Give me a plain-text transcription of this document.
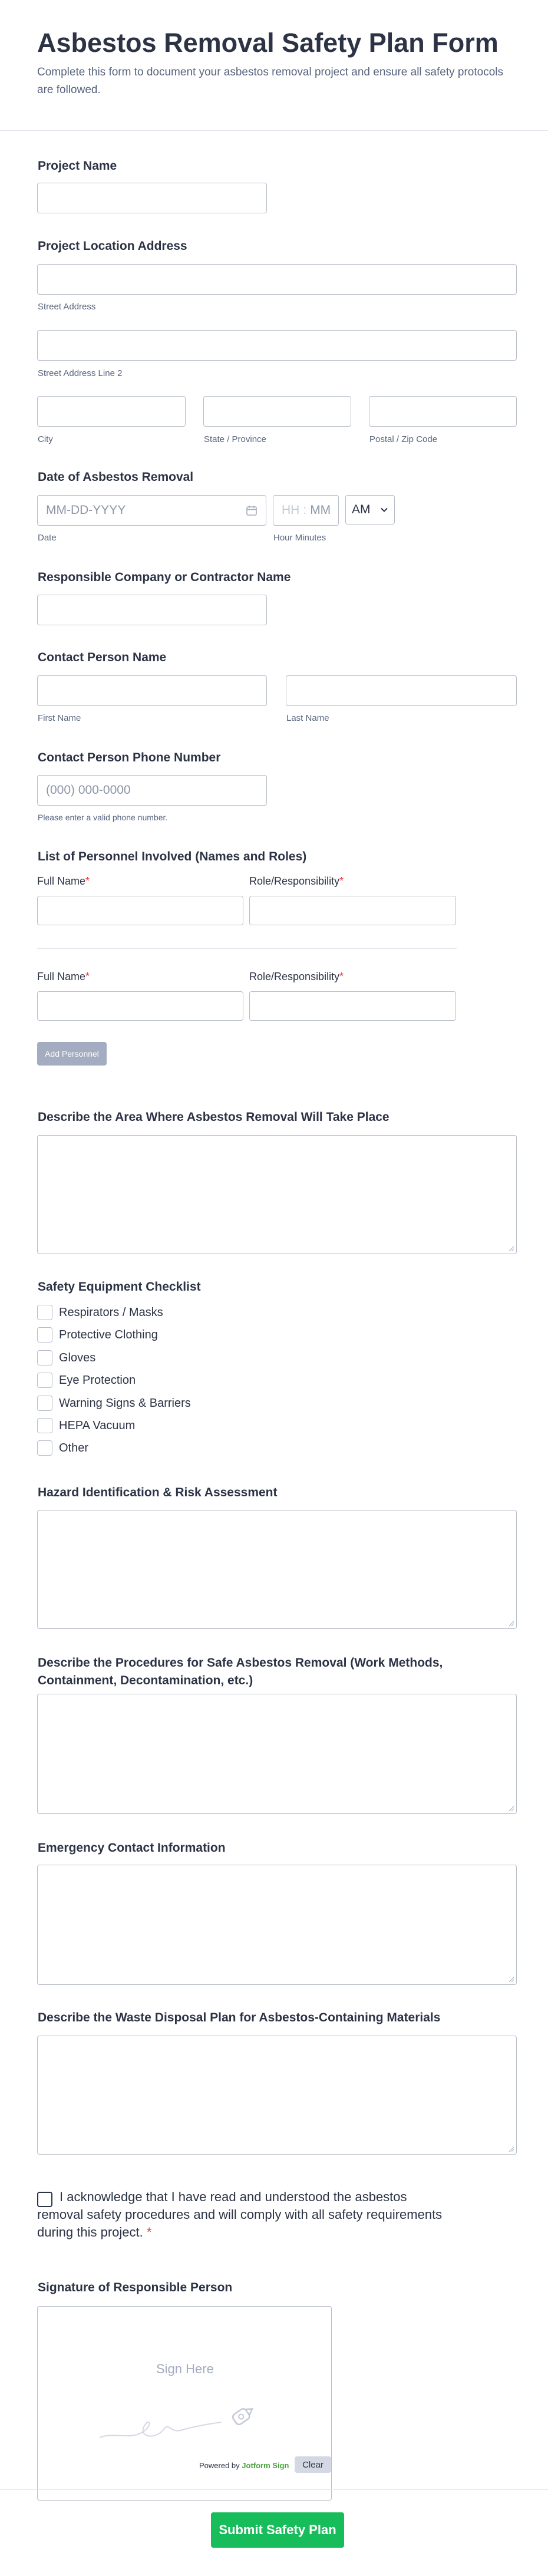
Asbestos Removal Safety Plan Form

Complete this form to document your asbestos removal project and ensure all safety protocols are followed.

Project Name
Project Location Address
Street Address
Street Address Line 2
City	State / Province	Postal / Zip Code
Date of Asbestos Removal
MM-DD-YYYY
Date
HH : MM
Hour Minutes
AM
Responsible Company or Contractor Name
Contact Person Name
First Name	Last Name
Contact Person Phone Number
(000) 000-0000
Please enter a valid phone number.
List of Personnel Involved (Names and Roles)
Full Name*	Role/Responsibility*
Full Name*	Role/Responsibility*
Add Personnel
Describe the Area Where Asbestos Removal Will Take Place
Safety Equipment Checklist
Respirators / Masks
Protective Clothing
Gloves
Eye Protection
Warning Signs & Barriers
HEPA Vacuum
Other
Hazard Identification & Risk Assessment
Describe the Procedures for Safe Asbestos Removal (Work Methods, Containment, Decontamination, etc.)
Emergency Contact Information
Describe the Waste Disposal Plan for Asbestos-Containing Materials
I acknowledge that I have read and understood the asbestos removal safety procedures and will comply with all safety requirements during this project. *
Signature of Responsible Person
Sign Here
Powered by Jotform Sign	Clear
Submit Safety Plan
